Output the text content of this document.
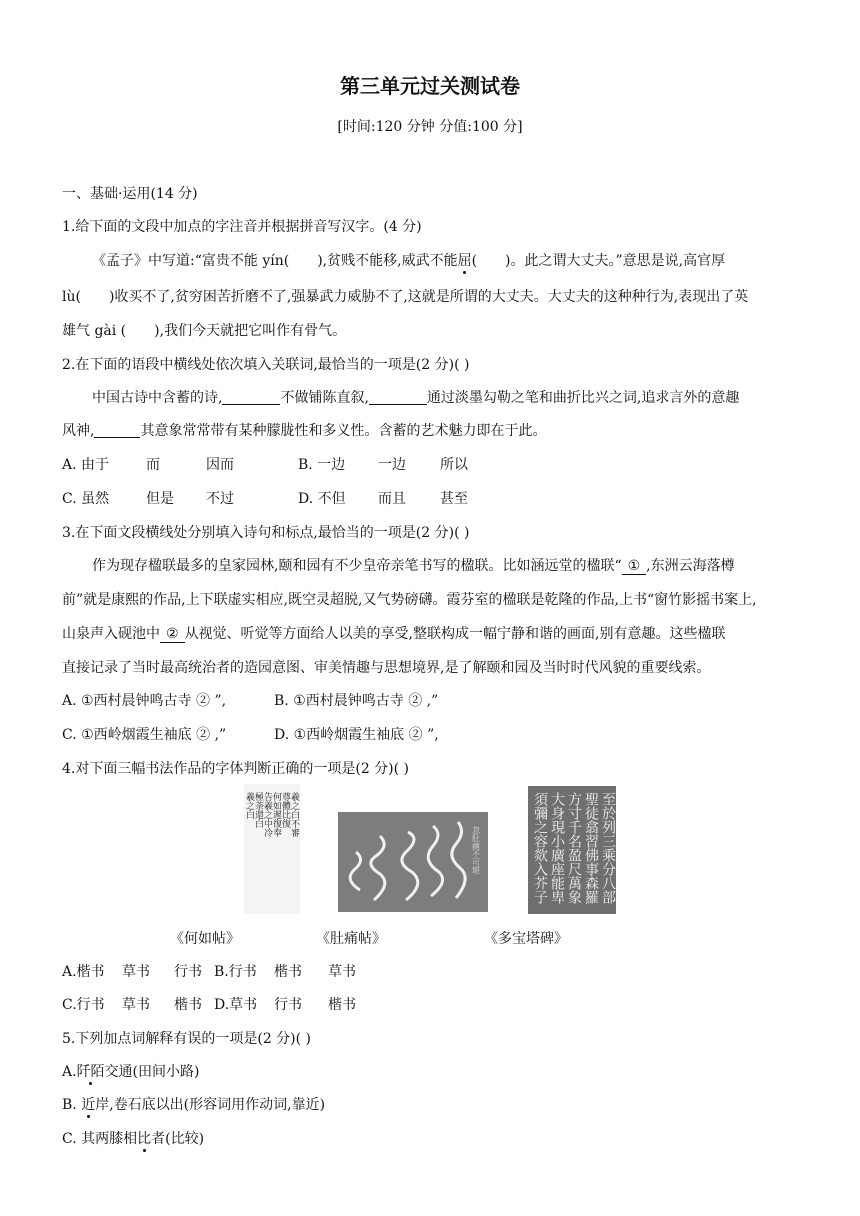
第三单元过关测试卷
[时间:120 分钟 分值:100 分]
一、基础·运用(14 分)
1.给下面的文段中加点的字注音并根据拼音写汉字。(4 分)
《孟子》中写道:“富贵不能 yín( ),贫贱不能移,威武不能屈( )。此之谓大丈夫。”意思是说,高官厚
lù( )收买不了,贫穷困苦折磨不了,强暴武力威胁不了,这就是所谓的大丈夫。大丈夫的这种种行为,表现出了英
雄气 gài ( ),我们今天就把它叫作有骨气。
2.在下面的语段中横线处依次填入关联词,最恰当的一项是(2 分)( )
中国古诗中含蓄的诗,	不做铺陈直叙,	通过淡墨勾勒之笔和曲折比兴之词,追求言外的意趣
风神,	其意象常常带有某种朦胧性和多义性。含蓄的艺术魅力即在于此。
A. 由于	而	因而	B. 一边 一边 所以
C. 虽然	但是 不过	D. 不但 而且 甚至
3.在下面文段横线处分别填入诗句和标点,最恰当的一项是(2 分)( )
作为现存楹联最多的皇家园林,颐和园有不少皇帝亲笔书写的楹联。比如涵远堂的楹联“ ① ,东洲云海落樽
前”就是康熙的作品,上下联虚实相应,既空灵超脱,又气势磅礴。霞芬室的楹联是乾隆的作品,上书“窗竹影摇书案上,
山泉声入砚池中 ② 从视觉、听觉等方面给人以美的享受,整联构成一幅宁静和谐的画面,别有意趣。这些楹联
直接记录了当时最高统治者的造园意图、审美情趣与思想境界,是了解颐和园及当时时代风貌的重要线索。
A. ①西村晨钟鸣古寺 ② ”,	B. ①西村晨钟鸣古寺 ② ,”
C. ①西岭烟霞生袖底 ② ,”	D. ①西岭烟霞生袖底 ② ”,
4.对下面三幅书法作品的字体判断正确的一项是(2 分)( )
羲之白不審
尊體比復
何如遲復奉
告羲之中冷
極荼還白
羲之白
忽肚痛不可堪	至於列三乘分八部
聖徒翕習佛事森羅
方寸千名盈尺萬象
大身現小廣座能卑
須彌之容欻入芥子
《何如帖》	《肚痛帖》	《多宝塔碑》
A.楷书 草书 行书 B.行书 楷书 草书
C.行书 草书 楷书 D.草书 行书 楷书
5.下列加点词解释有误的一项是(2 分)( )
A.阡陌交通(田间小路)
B. 近岸,卷石底以出(形容词用作动词,靠近)
C. 其两膝相比者(比较)
